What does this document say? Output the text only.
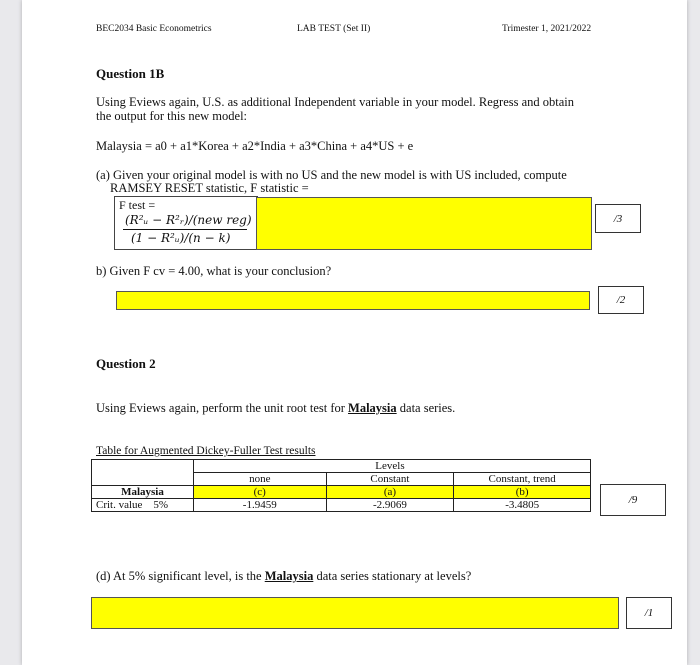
BEC2034 Basic Econometrics	LAB TEST (Set II)	Trimester 1, 2021/2022
Question 1B
Using Eviews again, U.S. as additional Independent variable in your model. Regress and obtain
the output for this new model:
Malaysia = a0 + a1*Korea + a2*India + a3*China + a4*US + e
(a) Given your original model is with no US and the new model is with US included, compute
RAMSEY RESET statistic, F statistic =
F test =
(R²ᵤ − R²ᵣ)/(new reg)
(1 − R²ᵤ)/(n − k)
/3
b) Given F cv = 4.00, what is your conclusion?
/2
Question 2
Using Eviews again, perform the unit root test for Malaysia data series.
Table for Augmented Dickey-Fuller Test results
		Levels	
	none	Constant	Constant, trend
Malaysia	(c)	(a)	(b)
Crit. value    5%	-1.9459	-2.9069	-3.4805	/9
(d) At 5% significant level, is the Malaysia data series stationary at levels?
/1
